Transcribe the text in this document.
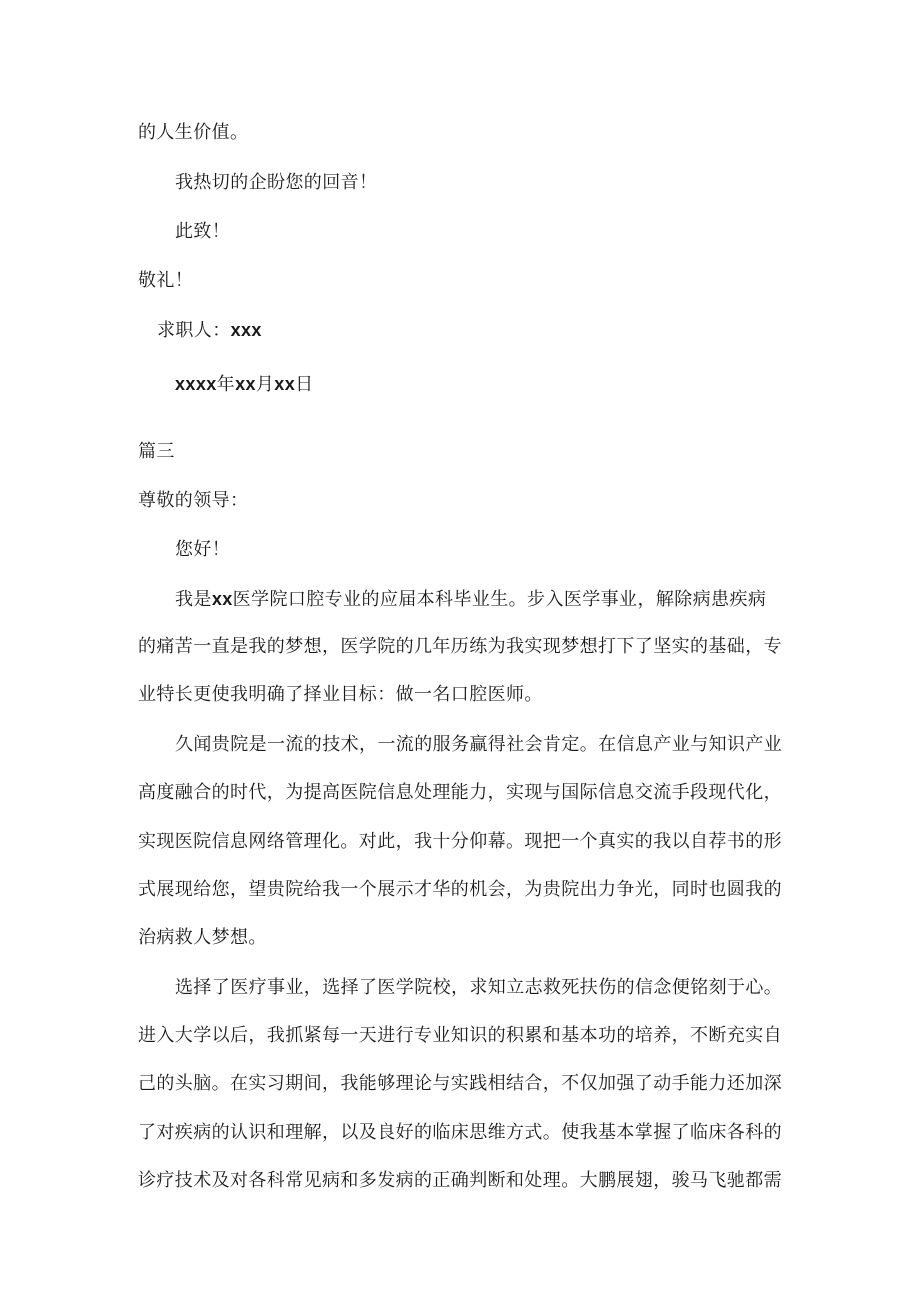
的人生价值。
我热切的企盼您的回音！
此致！
敬礼！
求职人：xxx
xxxx年xx月xx日
篇三
尊敬的领导：
您好！
我是xx医学院口腔专业的应届本科毕业生。步入医学事业，解除病患疾病
的痛苦一直是我的梦想，医学院的几年历练为我实现梦想打下了坚实的基础，专
业特长更使我明确了择业目标：做一名口腔医师。
久闻贵院是一流的技术，一流的服务赢得社会肯定。在信息产业与知识产业
高度融合的时代，为提高医院信息处理能力，实现与国际信息交流手段现代化，
实现医院信息网络管理化。对此，我十分仰幕。现把一个真实的我以自荐书的形
式展现给您，望贵院给我一个展示才华的机会，为贵院出力争光，同时也圆我的
治病救人梦想。
选择了医疗事业，选择了医学院校，求知立志救死扶伤的信念便铭刻于心。
进入大学以后，我抓紧每一天进行专业知识的积累和基本功的培养，不断充实自
己的头脑。在实习期间，我能够理论与实践相结合，不仅加强了动手能力还加深
了对疾病的认识和理解，以及良好的临床思维方式。使我基本掌握了临床各科的
诊疗技术及对各科常见病和多发病的正确判断和处理。大鹏展翅，骏马飞驰都需
